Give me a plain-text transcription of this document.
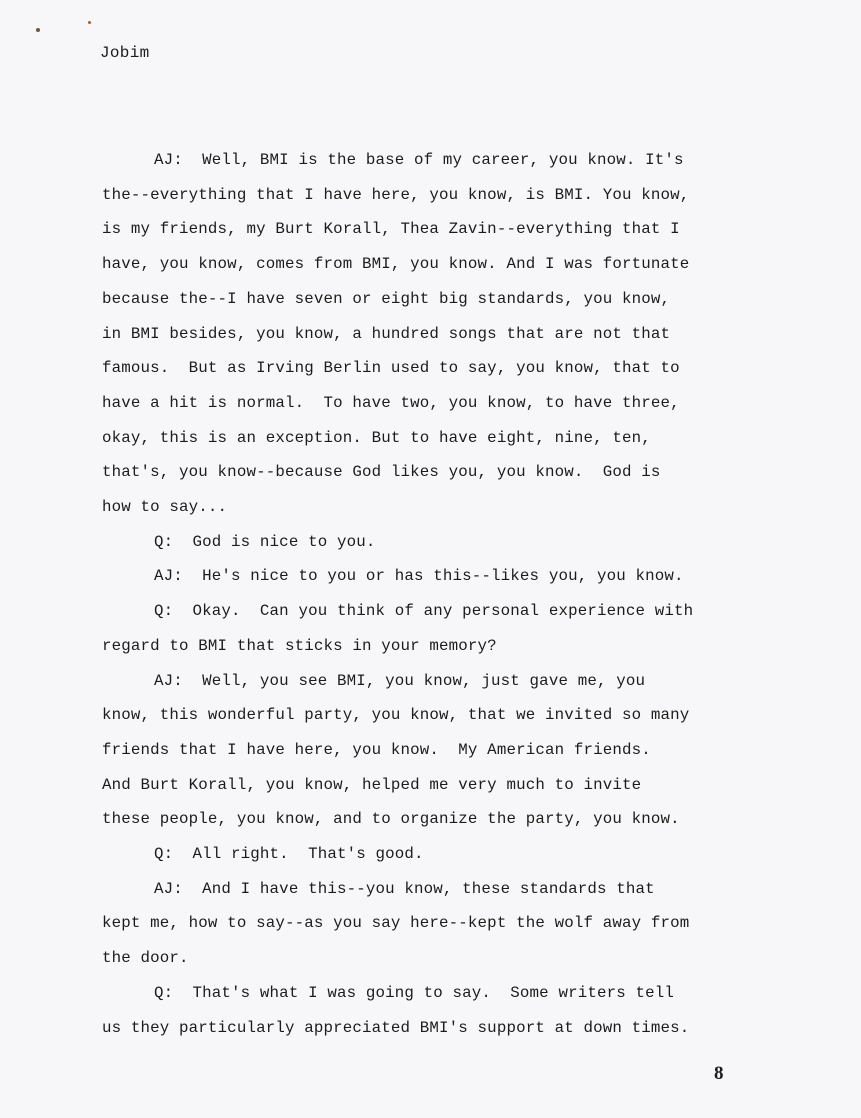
Jobim
AJ:  Well, BMI is the base of my career, you know. It's
the--everything that I have here, you know, is BMI. You know,
is my friends, my Burt Korall, Thea Zavin--everything that I
have, you know, comes from BMI, you know. And I was fortunate
because the--I have seven or eight big standards, you know,
in BMI besides, you know, a hundred songs that are not that
famous.  But as Irving Berlin used to say, you know, that to
have a hit is normal.  To have two, you know, to have three,
okay, this is an exception. But to have eight, nine, ten,
that's, you know--because God likes you, you know.  God is
how to say...
Q:  God is nice to you.
AJ:  He's nice to you or has this--likes you, you know.
Q:  Okay.  Can you think of any personal experience with
regard to BMI that sticks in your memory?
AJ:  Well, you see BMI, you know, just gave me, you
know, this wonderful party, you know, that we invited so many
friends that I have here, you know.  My American friends.
And Burt Korall, you know, helped me very much to invite
these people, you know, and to organize the party, you know.
Q:  All right.  That's good.
AJ:  And I have this--you know, these standards that
kept me, how to say--as you say here--kept the wolf away from
the door.
Q:  That's what I was going to say.  Some writers tell
us they particularly appreciated BMI's support at down times.
8
